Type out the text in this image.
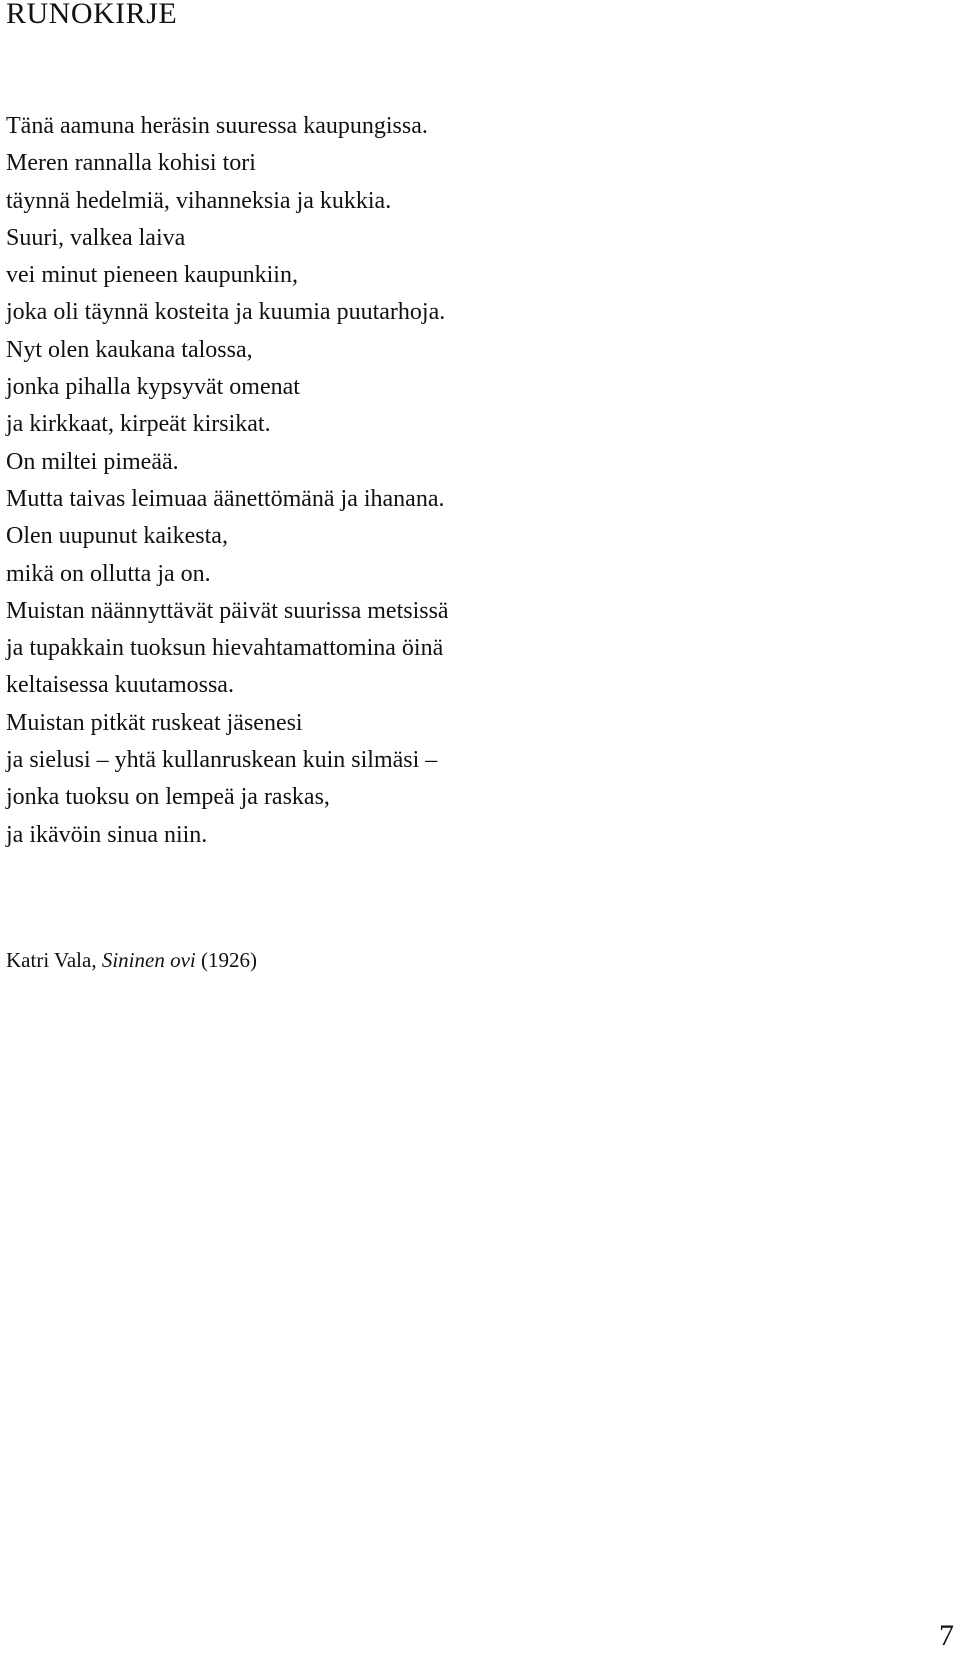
RUNOKIRJE
Tänä aamuna heräsin suuressa kaupungissa.
Meren rannalla kohisi tori
täynnä hedelmiä, vihanneksia ja kukkia.
Suuri, valkea laiva
vei minut pieneen kaupunkiin,
joka oli täynnä kosteita ja kuumia puutarhoja.
Nyt olen kaukana talossa,
jonka pihalla kypsyvät omenat
ja kirkkaat, kirpeät kirsikat.
On miltei pimeää.
Mutta taivas leimuaa äänettömänä ja ihanana.
Olen uupunut kaikesta,
mikä on ollutta ja on.
Muistan näännyttävät päivät suurissa metsissä
ja tupakkain tuoksun hievahtamattomina öinä
keltaisessa kuutamossa.
Muistan pitkät ruskeat jäsenesi
ja sielusi – yhtä kullanruskean kuin silmäsi –
jonka tuoksu on lempeä ja raskas,
ja ikävöin sinua niin.
Katri Vala, Sininen ovi (1926)
7
